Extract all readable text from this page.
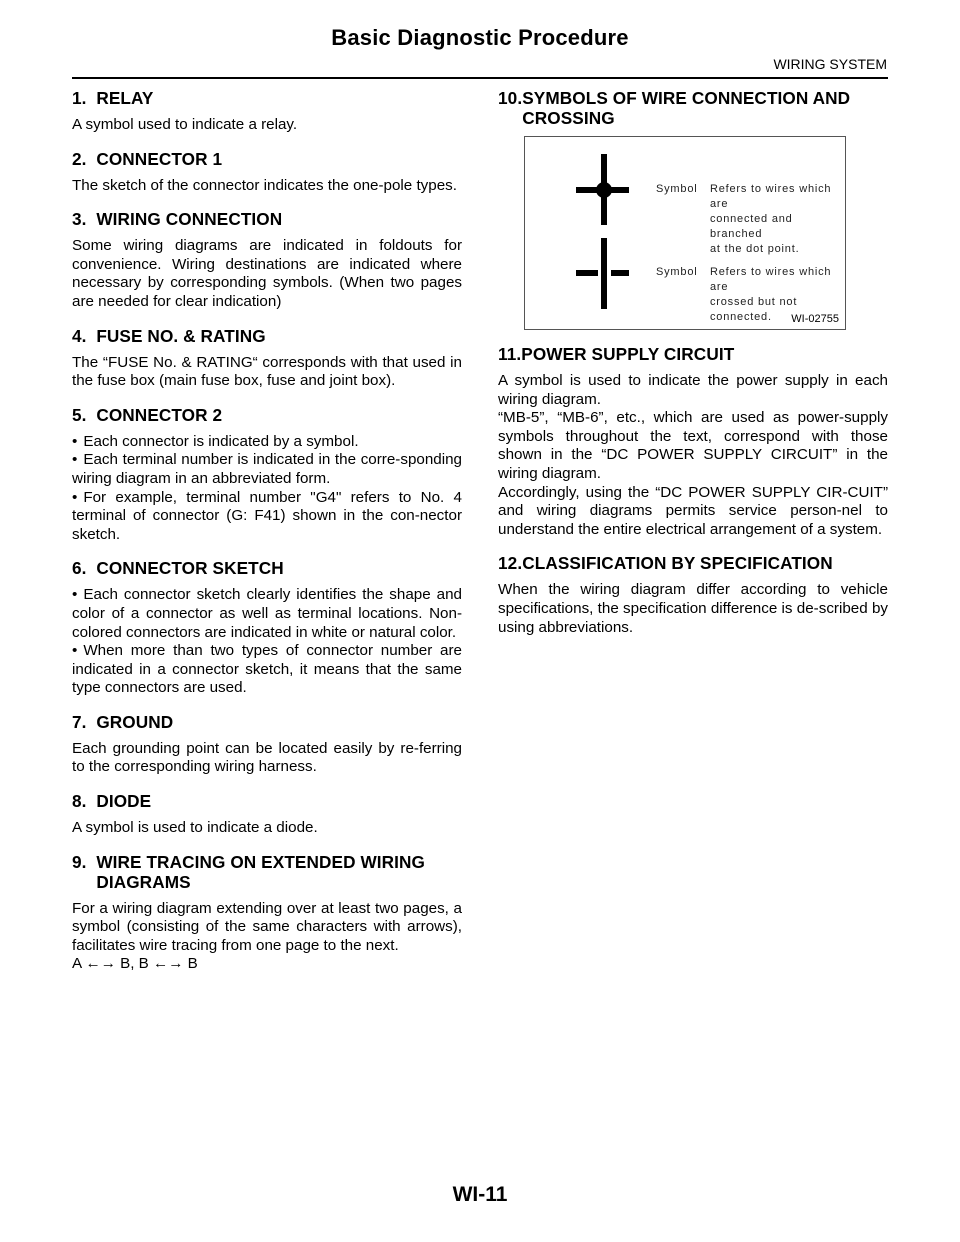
Basic Diagnostic Procedure
WIRING SYSTEM
1.
RELAY

A symbol used to indicate a relay.

2.
CONNECTOR 1

The sketch of the connector indicates the one-pole types.

3.
WIRING CONNECTION

Some wiring diagrams are indicated in foldouts for convenience. Wiring destinations are indicated where necessary by corresponding symbols. (When two pages are needed for clear indication)

4.
FUSE NO. & RATING

The “FUSE No. & RATING“ corresponds with that used in the fuse box (main fuse box, fuse and joint box).

5.
CONNECTOR 2

• Each connector is indicated by a symbol.

• Each terminal number is indicated in the corre-sponding wiring diagram in an abbreviated form.

• For example, terminal number "G4" refers to No. 4 terminal of connector (G: F41) shown in the con-nector sketch.

6.
CONNECTOR SKETCH

• Each connector sketch clearly identifies the shape and color of a connector as well as terminal locations. Non-colored connectors are indicated in white or natural color.

• When more than two types of connector number are indicated in a connector sketch, it means that the same type connectors are used.

7.
GROUND

Each grounding point can be located easily by re-ferring to the corresponding wiring harness.

8.
DIODE

A symbol is used to indicate a diode.

9.
WIRE TRACING ON EXTENDED WIRING DIAGRAMS

For a wiring diagram extending over at least two pages, a symbol (consisting of the same characters with arrows), facilitates wire tracing from one page to the next.

A ←→ B, B ←→ B

10. SYMBOLS OF WIRE CONNECTION AND CROSSING
Symbol Refers to wires which are
connected and branched
at the dot point.
Symbol Refers to wires which are
crossed but not connected.	WI-02755
11. POWER SUPPLY CIRCUIT

A symbol is used to indicate the power supply in each wiring diagram.

“MB-5”, “MB-6”, etc., which are used as power-supply symbols throughout the text, correspond with those shown in the “DC POWER SUPPLY CIRCUIT” in the wiring diagram.

Accordingly, using the “DC POWER SUPPLY CIR-CUIT” and wiring diagrams permits service person-nel to understand the entire electrical arrangement of a system.

12. CLASSIFICATION BY SPECIFICATION

When the wiring diagram differ according to vehicle specifications, the specification difference is de-scribed by using abbreviations.

WI-11
